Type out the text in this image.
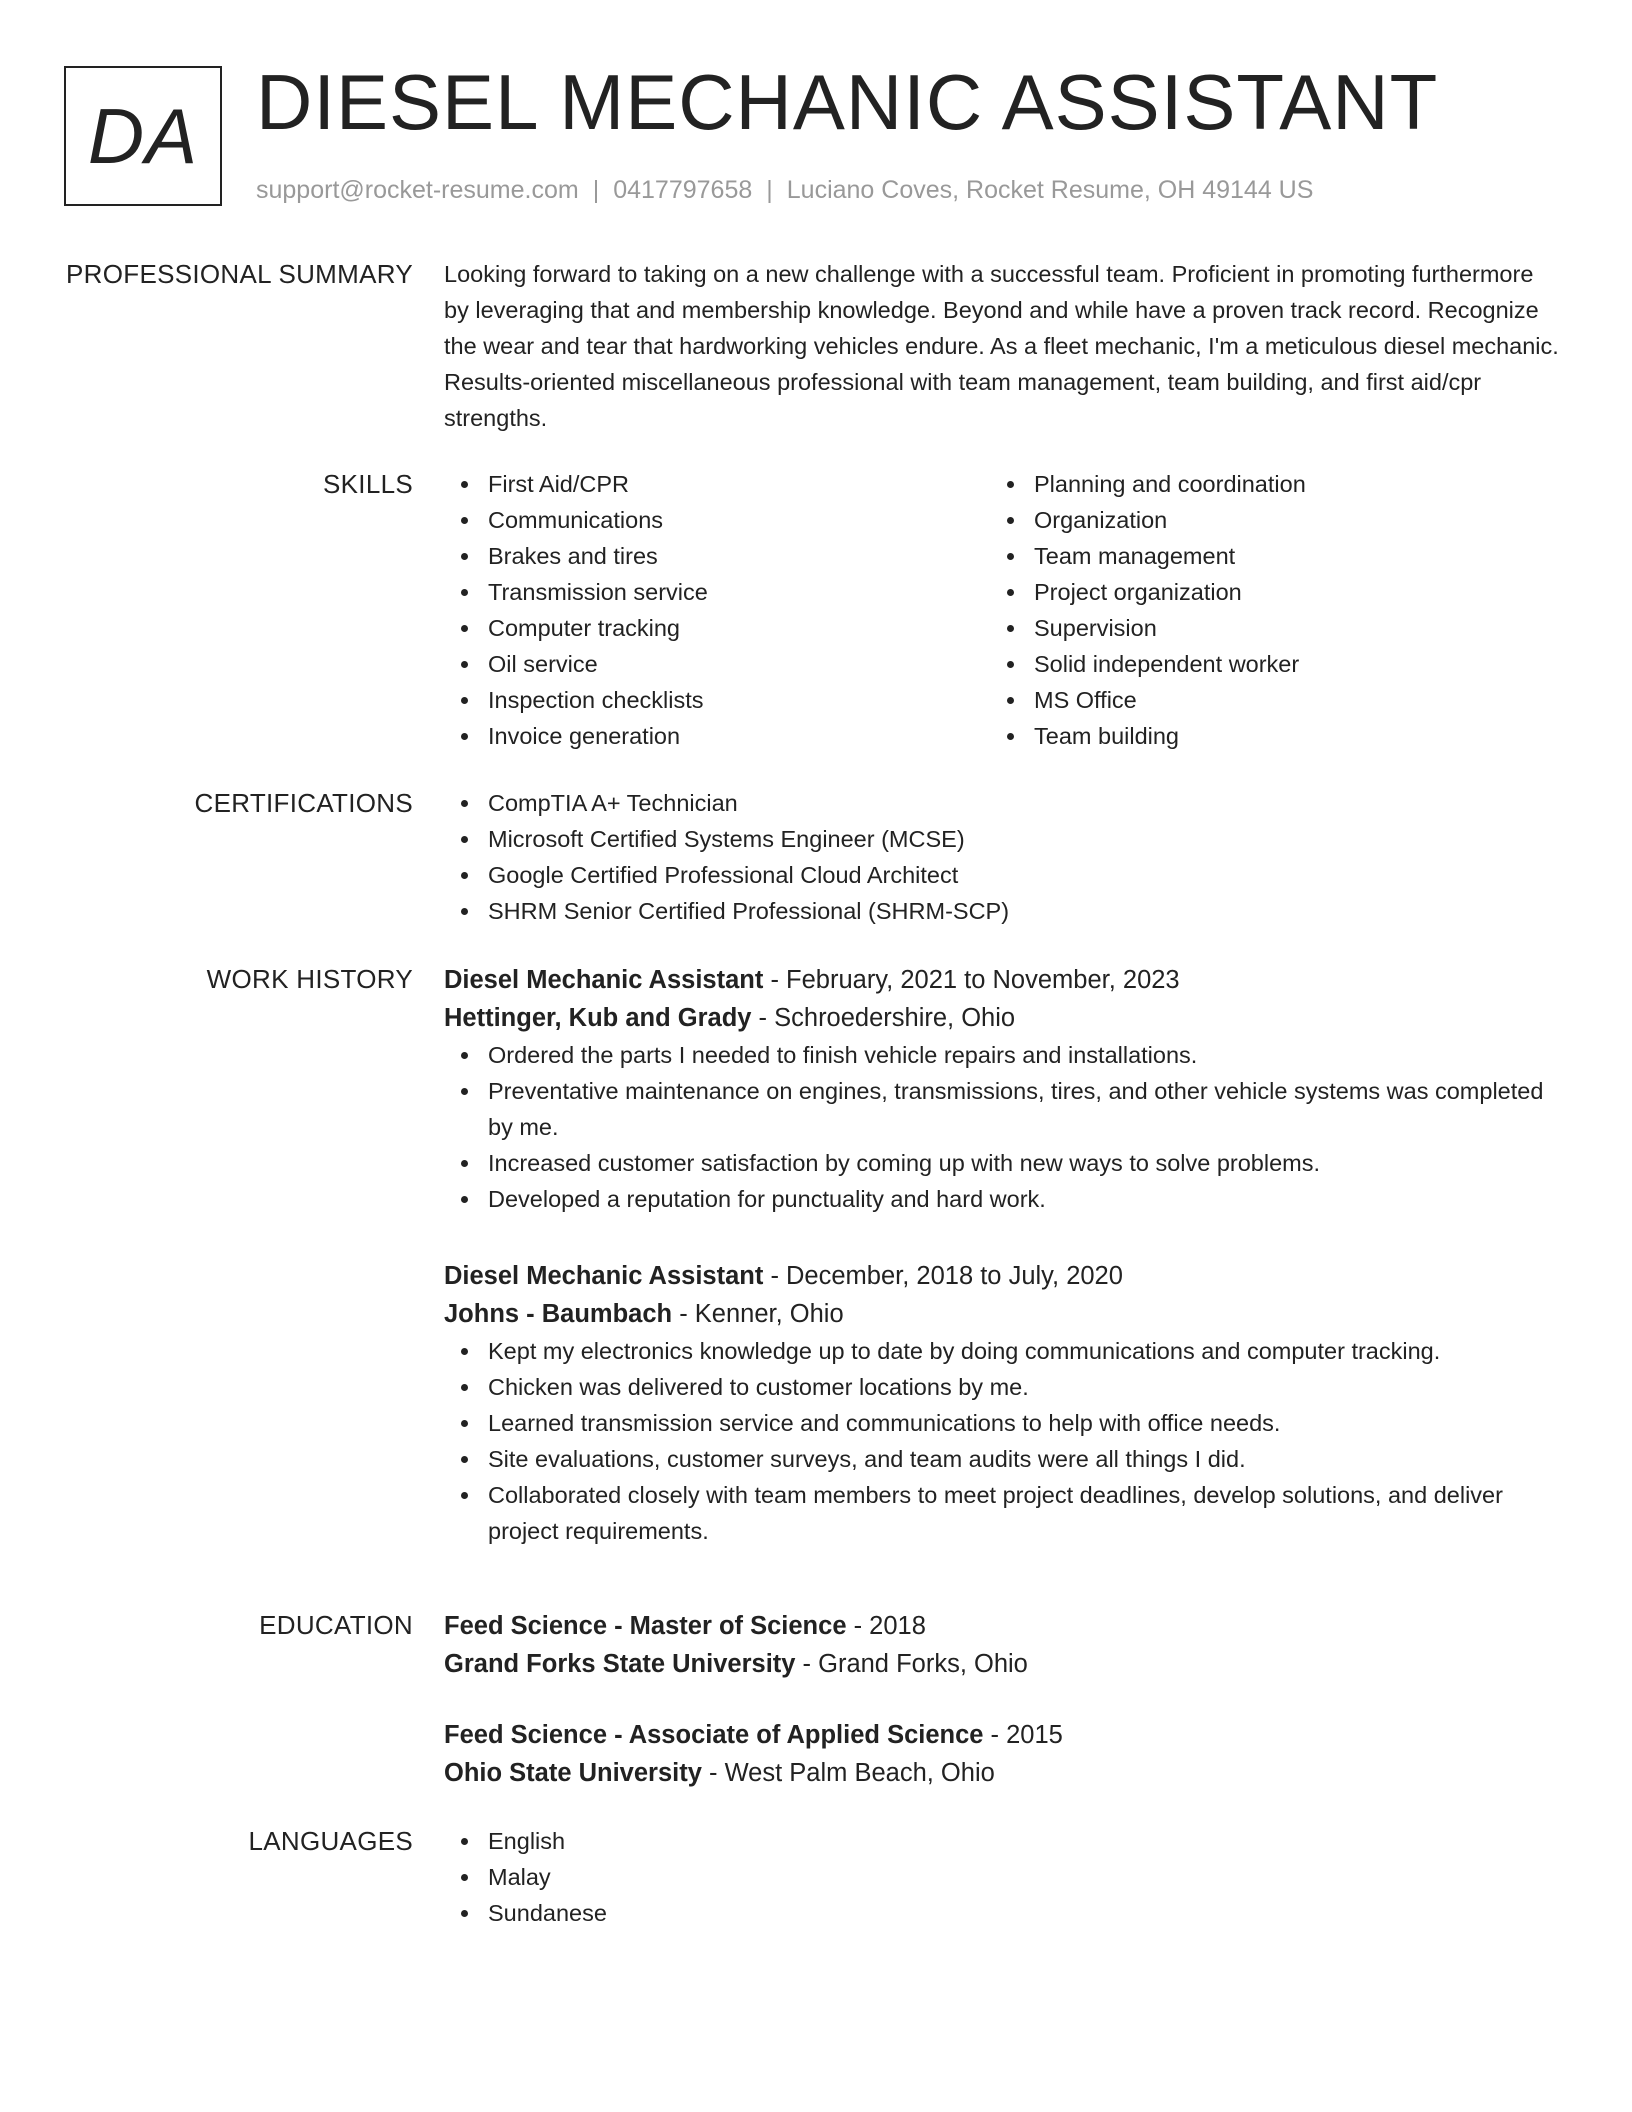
DA DIESEL MECHANIC ASSISTANT
support@rocket-resume.com | 0417797658 | Luciano Coves, Rocket Resume, OH 49144 US
PROFESSIONAL SUMMARY Looking forward to taking on a new challenge with a successful team. Proficient in promoting furthermore by leveraging that and membership knowledge. Beyond and while have a proven track record. Recognize the wear and tear that hardworking vehicles endure. As a fleet mechanic, I'm a meticulous diesel mechanic. Results-oriented miscellaneous professional with team management, team building, and first aid/cpr strengths.

SKILLS	First Aid/CPR
Communications
Brakes and tires
Transmission service
Computer tracking
Oil service
Inspection checklists
Invoice generation
Planning and coordination
Organization
Team management
Project organization
Supervision
Solid independent worker
MS Office
Team building
CERTIFICATIONS	CompTIA A+ Technician
Microsoft Certified Systems Engineer (MCSE)
Google Certified Professional Cloud Architect
SHRM Senior Certified Professional (SHRM-SCP)
WORK HISTORY Diesel Mechanic Assistant - February, 2021 to November, 2023
Hettinger, Kub and Grady - Schroedershire, Ohio
Ordered the parts I needed to finish vehicle repairs and installations.
Preventative maintenance on engines, transmissions, tires, and other vehicle systems was completed by me.
Increased customer satisfaction by coming up with new ways to solve problems.
Developed a reputation for punctuality and hard work.
Diesel Mechanic Assistant - December, 2018 to July, 2020
Johns - Baumbach - Kenner, Ohio
Kept my electronics knowledge up to date by doing communications and computer tracking.
Chicken was delivered to customer locations by me.
Learned transmission service and communications to help with office needs.
Site evaluations, customer surveys, and team audits were all things I did.
Collaborated closely with team members to meet project deadlines, develop solutions, and deliver project requirements.
EDUCATION Feed Science - Master of Science - 2018
Grand Forks State University - Grand Forks, Ohio
Feed Science - Associate of Applied Science - 2015
Ohio State University - West Palm Beach, Ohio
LANGUAGES	English
Malay
Sundanese
